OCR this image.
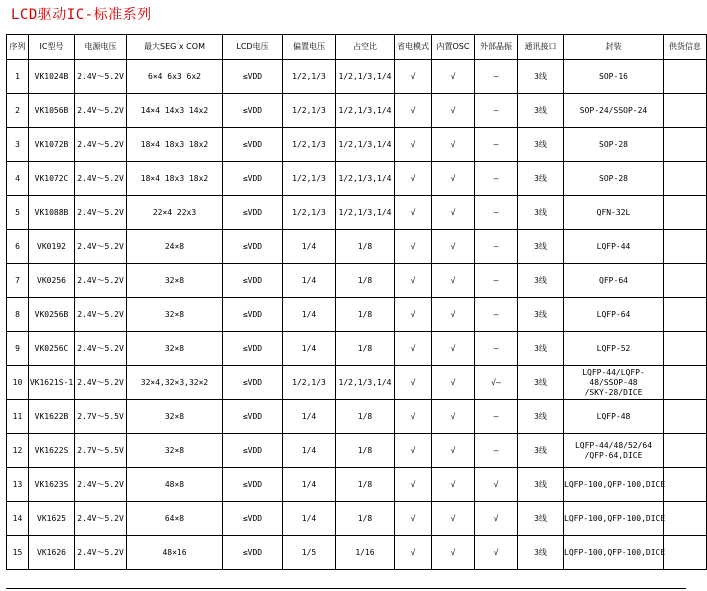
LCD驱动IC-标准系列
序列	IC型号	电源电压	最大SEG x COM	LCD电压	偏置电压	占空比	省电模式	内置OSC	外部晶振	通讯接口	封装	供货信息
1	VK1024B	2.4V～5.2V	6×4 6x3 6x2	≤VDD	1/2,1/3	1/2,1/3,1/4	√	√	—	3线	SOP-16	
2	VK1056B	2.4V～5.2V	14×4 14x3 14x2	≤VDD	1/2,1/3	1/2,1/3,1/4	√	√	—	3线	SOP-24/SSOP-24	
3	VK1072B	2.4V～5.2V	18×4 18x3 18x2	≤VDD	1/2,1/3	1/2,1/3,1/4	√	√	—	3线	SOP-28	
4	VK1072C	2.4V～5.2V	18×4 18x3 18x2	≤VDD	1/2,1/3	1/2,1/3,1/4	√	√	—	3线	SOP-28	
5	VK1088B	2.4V～5.2V	22×4 22x3	≤VDD	1/2,1/3	1/2,1/3,1/4	√	√	—	3线	QFN-32L	
6	VK0192	2.4V～5.2V	24×8	≤VDD	1/4	1/8	√	√	—	3线	LQFP-44	
7	VK0256	2.4V～5.2V	32×8	≤VDD	1/4	1/8	√	√	—	3线	QFP-64	
8	VK0256B	2.4V～5.2V	32×8	≤VDD	1/4	1/8	√	√	—	3线	LQFP-64	
9	VK0256C	2.4V～5.2V	32×8	≤VDD	1/4	1/8	√	√	—	3线	LQFP-52	
10	VK1621S-1	2.4V～5.2V	32×4,32×3,32×2	≤VDD	1/2,1/3	1/2,1/3,1/4	√	√	√—	3线	LQFP-44/LQFP-48/SSOP-48
/SKY-28/DICE	
11	VK1622B	2.7V～5.5V	32×8	≤VDD	1/4	1/8	√	√	—	3线	LQFP-48	
12	VK1622S	2.7V～5.5V	32×8	≤VDD	1/4	1/8	√	√	—	3线	LQFP-44/48/52/64
/QFP-64,DICE	
13	VK1623S	2.4V～5.2V	48×8	≤VDD	1/4	1/8	√	√	√	3线	LQFP-100,QFP-100,DICE	
14	VK1625	2.4V～5.2V	64×8	≤VDD	1/4	1/8	√	√	√	3线	LQFP-100,QFP-100,DICE	
15	VK1626	2.4V～5.2V	48×16	≤VDD	1/5	1/16	√	√	√	3线	LQFP-100,QFP-100,DICE	
